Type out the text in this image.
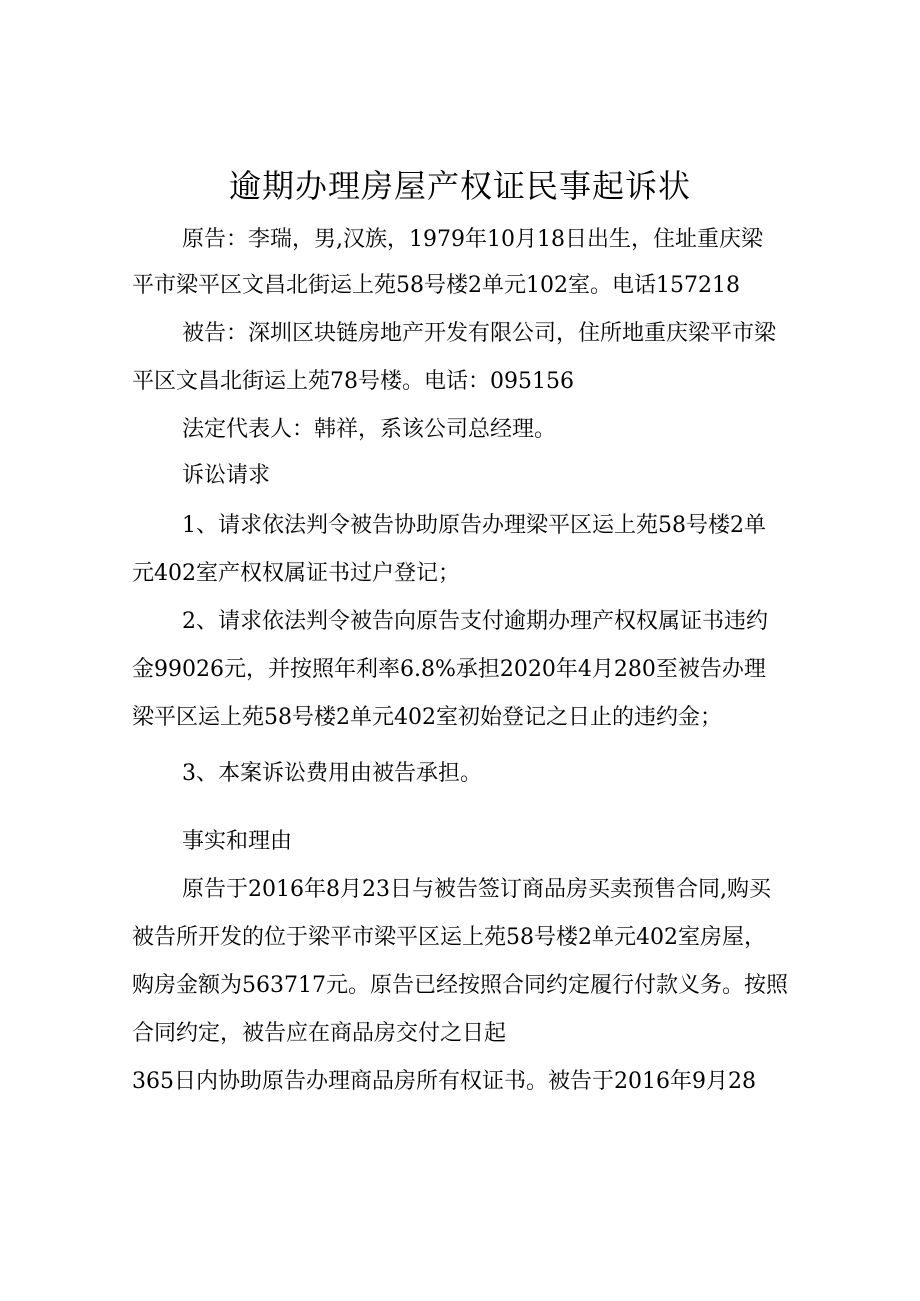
逾期办理房屋产权证民事起诉状
原告：李瑞，男,汉族，1979年10月18日出生，住址重庆梁
平市梁平区文昌北街运上苑58号楼2单元102室。电话157218
被告：深圳区块链房地产开发有限公司，住所地重庆梁平市梁
平区文昌北街运上苑78号楼。电话：095156
法定代表人：韩祥，系该公司总经理。
诉讼请求
1、请求依法判令被告协助原告办理梁平区运上苑58号楼2单
元402室产权权属证书过户登记；
2、请求依法判令被告向原告支付逾期办理产权权属证书违约
金99026元，并按照年利率6.8%承担2020年4月280至被告办理
梁平区运上苑58号楼2单元402室初始登记之日止的违约金；
3、本案诉讼费用由被告承担。
事实和理由
原告于2016年8月23日与被告签订商品房买卖预售合同,购买
被告所开发的位于梁平市梁平区运上苑58号楼2单元402室房屋，
购房金额为563717元。原告已经按照合同约定履行付款义务。按照
合同约定，被告应在商品房交付之日起
365日内协助原告办理商品房所有权证书。被告于2016年9月28
